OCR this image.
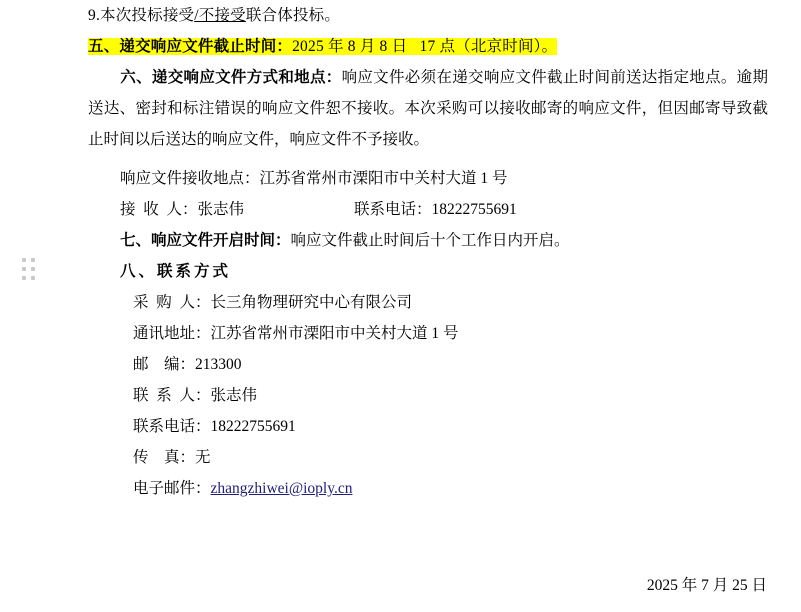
9.本次投标接受/不接受联合体投标。
五、递交响应文件截止时间：2025 年 8 月 8 日   17 点（北京时间）。
六、递交响应文件方式和地点：响应文件必须在递交响应文件截止时间前送达指定地点。逾期送达、密封和标注错误的响应文件恕不接收。本次采购可以接收邮寄的响应文件，但因邮寄导致截止时间以后送达的响应文件，响应文件不予接收。
响应文件接收地点：江苏省常州市溧阳市中关村大道 1 号
接  收  人：张志伟	联系电话：18222755691
七、响应文件开启时间：响应文件截止时间后十个工作日内开启。
八、联系方式
采  购  人：长三角物理研究中心有限公司
通讯地址：江苏省常州市溧阳市中关村大道 1 号
邮    编：213300
联  系  人：张志伟
联系电话：18222755691
传    真：无
电子邮件：zhangzhiwei@ioply.cn
2025 年 7 月 25 日
